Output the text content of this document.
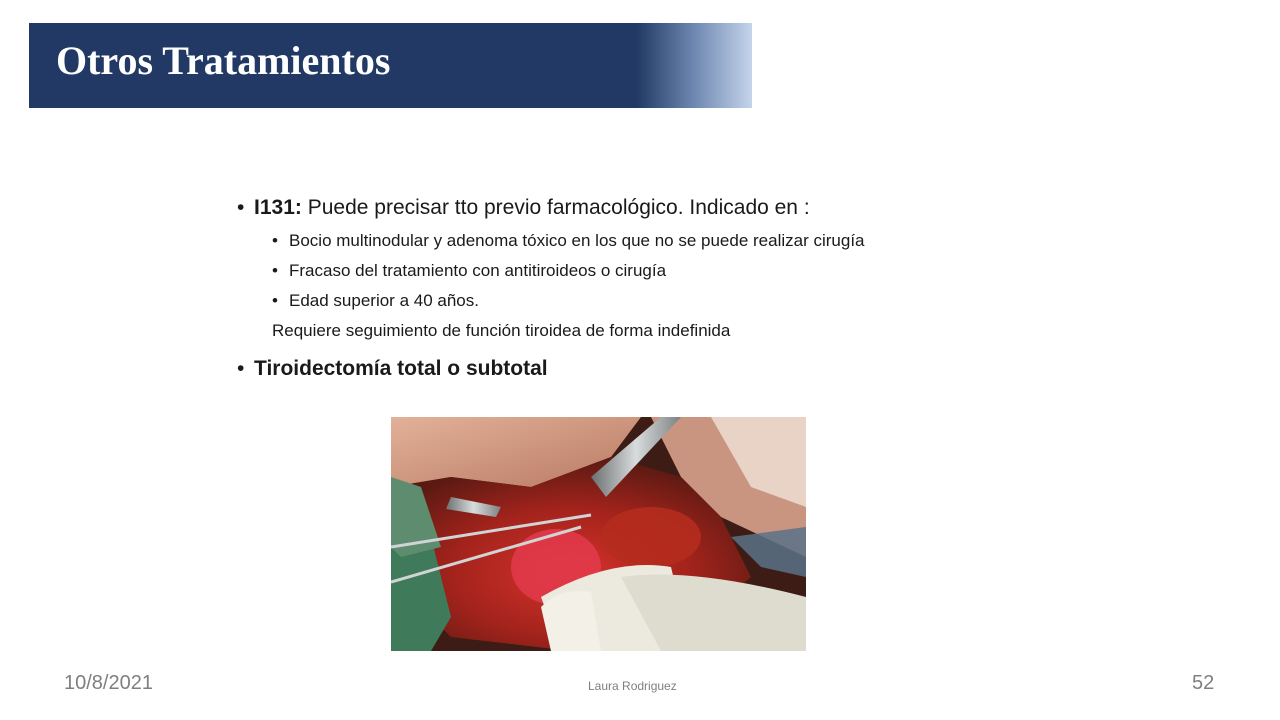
Otros Tratamientos
• I131: Puede precisar tto previo farmacológico. Indicado en :
• Bocio multinodular y adenoma tóxico en los que no se puede realizar cirugía
• Fracaso del tratamiento con antitiroideos o cirugía
• Edad superior a 40 años.
Requiere seguimiento de función tiroidea de forma indefinida
• Tiroidectomía total o subtotal
10/8/2021	Laura Rodriguez	52
